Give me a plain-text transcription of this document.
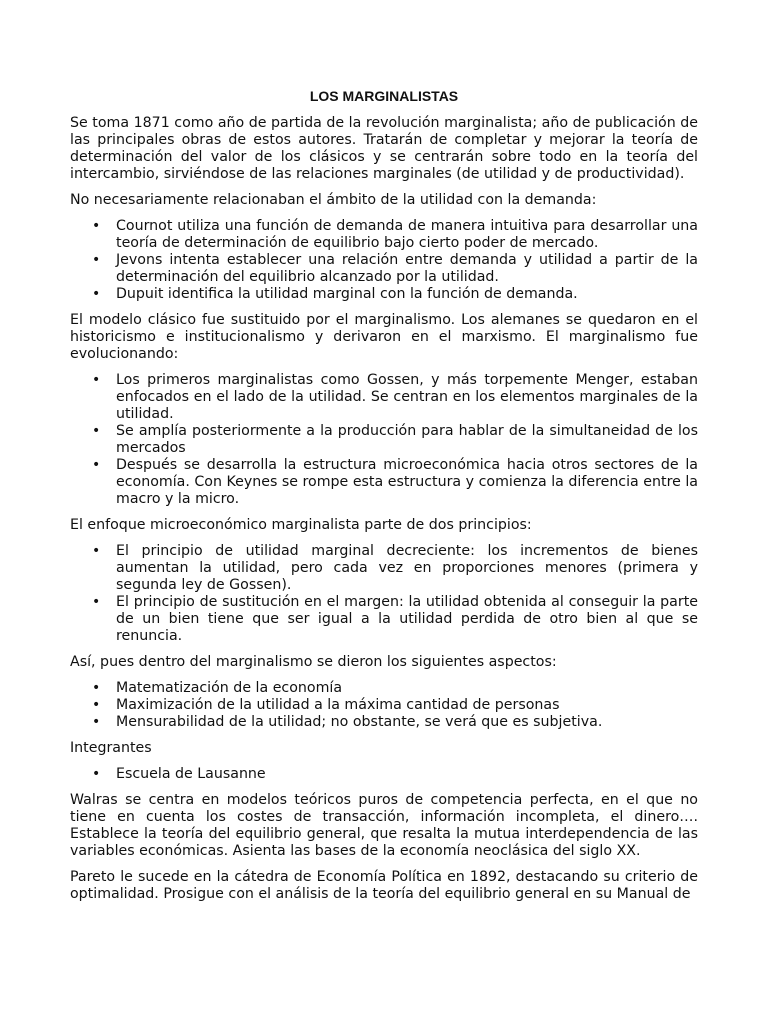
LOS MARGINALISTAS

Se toma 1871 como año de partida de la revolución marginalista; año de publicación de las principales obras de estos autores. Tratarán de completar y mejorar la teoría de determinación del valor de los clásicos y se centrarán sobre todo en la teoría del intercambio, sirviéndose de las relaciones marginales (de utilidad y de productividad).

No necesariamente relacionaban el ámbito de la utilidad con la demanda:

• Cournot utiliza una función de demanda de manera intuitiva para desarrollar una teoría de determinación de equilibrio bajo cierto poder de mercado.
• Jevons intenta establecer una relación entre demanda y utilidad a partir de la determinación del equilibrio alcanzado por la utilidad.
• Dupuit identifica la utilidad marginal con la función de demanda.

El modelo clásico fue sustituido por el marginalismo. Los alemanes se quedaron en el historicismo e institucionalismo y derivaron en el marxismo. El marginalismo fue evolucionando:

• Los primeros marginalistas como Gossen, y más torpemente Menger, estaban enfocados en el lado de la utilidad. Se centran en los elementos marginales de la utilidad.
• Se amplía posteriormente a la producción para hablar de la simultaneidad de los mercados
• Después se desarrolla la estructura microeconómica hacia otros sectores de la economía. Con Keynes se rompe esta estructura y comienza la diferencia entre la macro y la micro.

El enfoque microeconómico marginalista parte de dos principios:

• El principio de utilidad marginal decreciente: los incrementos de bienes aumentan la utilidad, pero cada vez en proporciones menores (primera y segunda ley de Gossen).
• El principio de sustitución en el margen: la utilidad obtenida al conseguir la parte de un bien tiene que ser igual a la utilidad perdida de otro bien al que se renuncia.

Así, pues dentro del marginalismo se dieron los siguientes aspectos:

• Matematización de la economía
• Maximización de la utilidad a la máxima cantidad de personas
• Mensurabilidad de la utilidad; no obstante, se verá que es subjetiva.

Integrantes

• Escuela de Lausanne

Walras se centra en modelos teóricos puros de competencia perfecta, en el que no tiene en cuenta los costes de transacción, información incompleta, el dinero…. Establece la teoría del equilibrio general, que resalta la mutua interdependencia de las variables económicas. Asienta las bases de la economía neoclásica del siglo XX.

Pareto le sucede en la cátedra de Economía Política en 1892, destacando su criterio de optimalidad. Prosigue con el análisis de la teoría del equilibrio general en su Manual de
